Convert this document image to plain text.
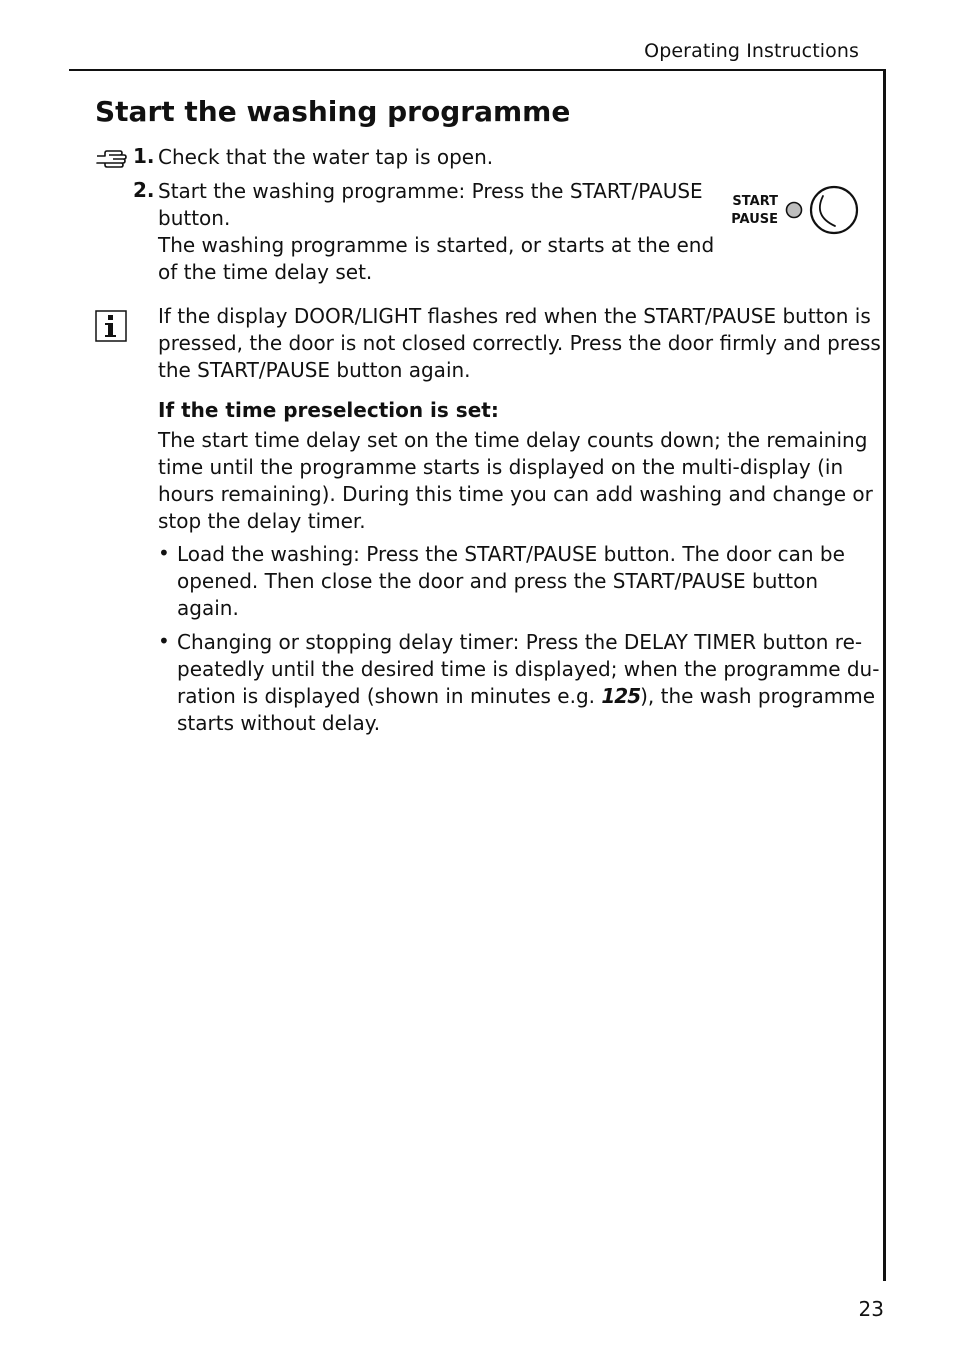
Operating Instructions
Start the washing programme
1. Check that the water tap is open.
2. Start the washing programme: Press the START/PAUSE
button.
The washing programme is started, or starts at the end
of the time delay set.
START
PAUSE
If the display DOOR/LIGHT flashes red when the START/PAUSE button is
pressed, the door is not closed correctly. Press the door firmly and press
the START/PAUSE button again.
If the time preselection is set:
The start time delay set on the time delay counts down; the remaining
time until the programme starts is displayed on the multi-display (in
hours remaining). During this time you can add washing and change or
stop the delay timer.
• Load the washing: Press the START/PAUSE button. The door can be
opened. Then close the door and press the START/PAUSE button
again.
• Changing or stopping delay timer: Press the DELAY TIMER button re-
peatedly until the desired time is displayed; when the programme du-
ration is displayed (shown in minutes e.g. 125), the wash programme
starts without delay.
23
